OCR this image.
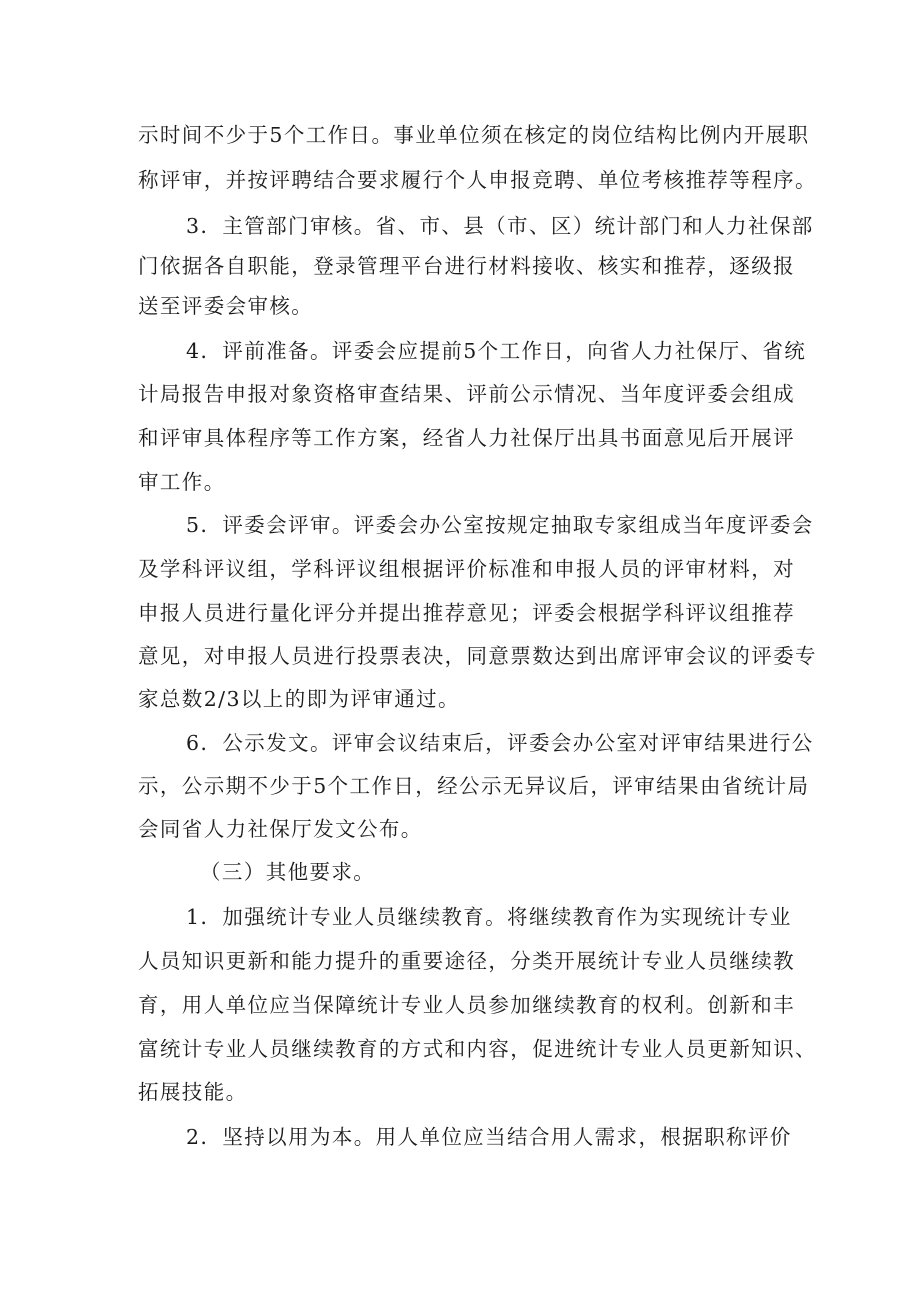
示时间不少于5个工作日。事业单位须在核定的岗位结构比例内开展职
称评审，并按评聘结合要求履行个人申报竞聘、单位考核推荐等程序。
3．主管部门审核。省、市、县（市、区）统计部门和人力社保部
门依据各自职能，登录管理平台进行材料接收、核实和推荐，逐级报
送至评委会审核。
4．评前准备。评委会应提前5个工作日，向省人力社保厅、省统
计局报告申报对象资格审查结果、评前公示情况、当年度评委会组成
和评审具体程序等工作方案，经省人力社保厅出具书面意见后开展评
审工作。
5．评委会评审。评委会办公室按规定抽取专家组成当年度评委会
及学科评议组，学科评议组根据评价标准和申报人员的评审材料，对
申报人员进行量化评分并提出推荐意见；评委会根据学科评议组推荐
意见，对申报人员进行投票表决，同意票数达到出席评审会议的评委专
家总数2/3以上的即为评审通过。
6．公示发文。评审会议结束后，评委会办公室对评审结果进行公
示，公示期不少于5个工作日，经公示无异议后，评审结果由省统计局
会同省人力社保厅发文公布。
（三）其他要求。
1．加强统计专业人员继续教育。将继续教育作为实现统计专业
人员知识更新和能力提升的重要途径，分类开展统计专业人员继续教
育，用人单位应当保障统计专业人员参加继续教育的权利。创新和丰
富统计专业人员继续教育的方式和内容，促进统计专业人员更新知识、
拓展技能。
2．坚持以用为本。用人单位应当结合用人需求，根据职称评价
